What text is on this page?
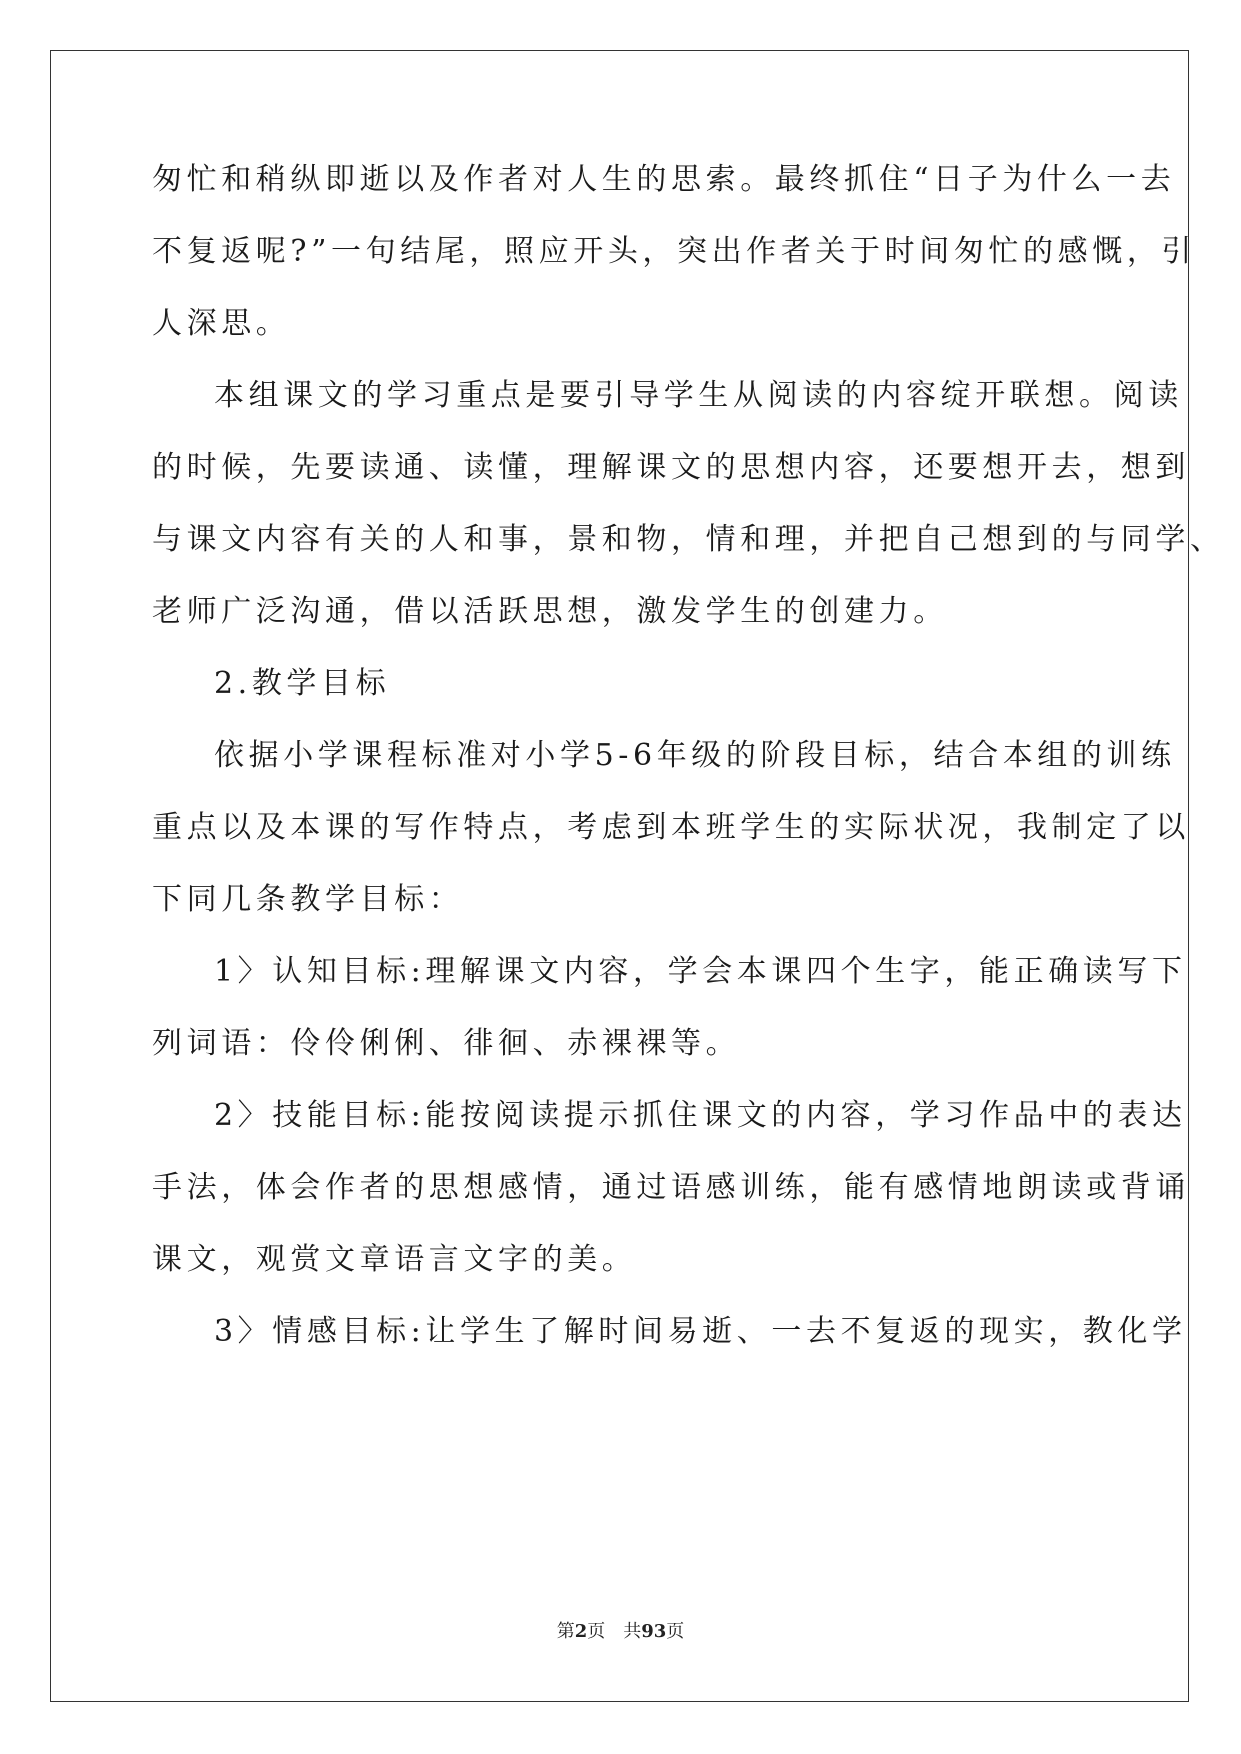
匆忙和稍纵即逝以及作者对人生的思索。最终抓住“日子为什么一去
不复返呢?”一句结尾，照应开头，突出作者关于时间匆忙的感慨，引
人深思。
本组课文的学习重点是要引导学生从阅读的内容绽开联想。阅读
的时候，先要读通、读懂，理解课文的思想内容，还要想开去，想到
与课文内容有关的人和事，景和物，情和理，并把自己想到的与同学、
老师广泛沟通，借以活跃思想，激发学生的创建力。
2.教学目标
依据小学课程标准对小学5-6年级的阶段目标，结合本组的训练
重点以及本课的写作特点，考虑到本班学生的实际状况，我制定了以
下同几条教学目标：
1〉认知目标:理解课文内容，学会本课四个生字，能正确读写下
列词语：伶伶俐俐、徘徊、赤裸裸等。
2〉技能目标:能按阅读提示抓住课文的内容，学习作品中的表达
手法，体会作者的思想感情，通过语感训练，能有感情地朗读或背诵
课文，观赏文章语言文字的美。
3〉情感目标:让学生了解时间易逝、一去不复返的现实，教化学
第2页　共93页
